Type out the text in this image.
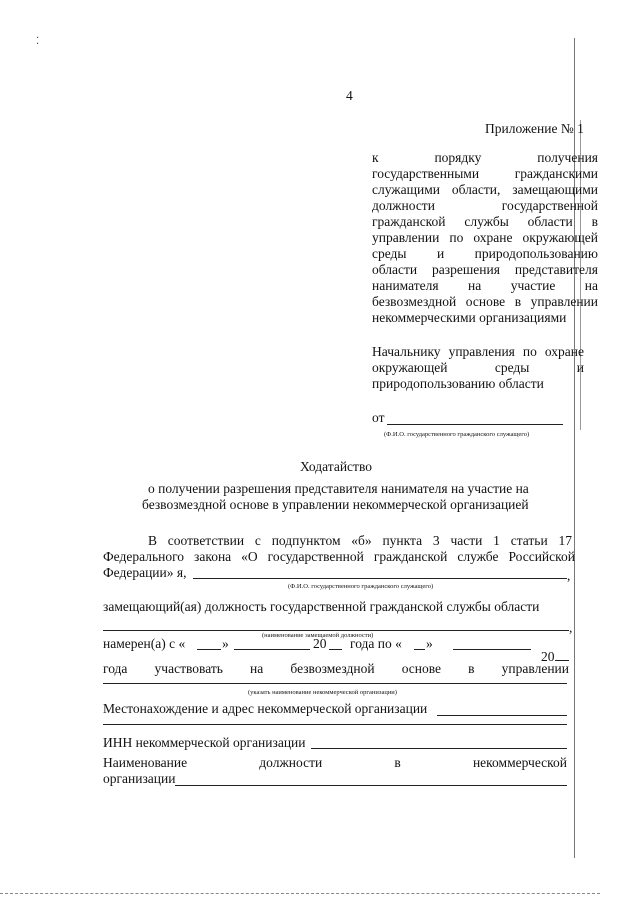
⁚
4
Приложение № 1
к порядку получения
государственными гражданскими
служащими области, замещающими
должности государственной
гражданской службы области в
управлении по охране окружающей
среды и природопользованию
области разрешения представителя
нанимателя на участие на
безвозмездной основе в управлении
некоммерческими организациями
Начальнику управления по охране
окружающей среды и
природопользованию области
от
(Ф.И.О. государственного гражданского служащего)
Ходатайство
о получении разрешения представителя нанимателя на участие на
безвозмездной основе в управлении некоммерческой организацией
В соответствии с подпунктом «б» пункта 3 части 1 статьи 17
Федерального закона «О государственной гражданской службе Российской
Федерации» я,	,
(Ф.И.О. государственного гражданского служащего)
замещающий(ая) должность государственной гражданской службы области
,
(наименование замещаемой должности)
намерен(а) с «	»	20 года по « »
20
года участвовать на безвозмездной основе в управлении
(указать наименование некоммерческой организации)
Местонахождение и адрес некоммерческой организации
ИНН некоммерческой организации
Наименование должности в некоммерческой
организации
